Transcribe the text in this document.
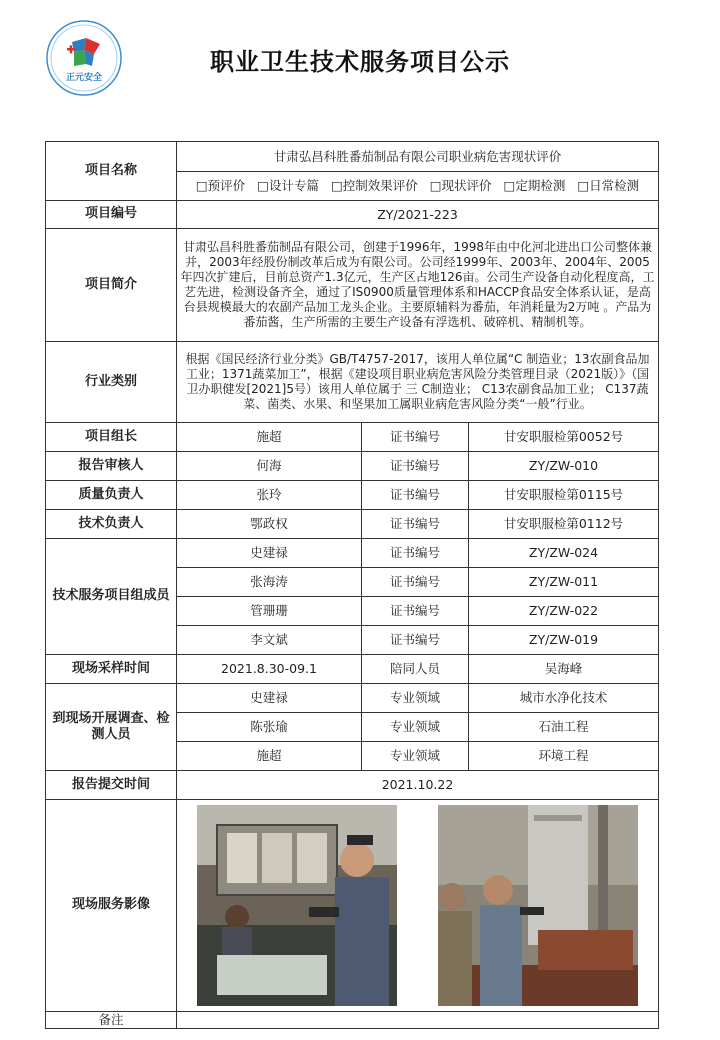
正元安全
职业卫生技术服务项目公示
项目名称	甘肃弘昌科胜番茄制品有限公司职业病危害现状评价		
	□预评价 □设计专篇 □控制效果评价 □现状评价 □定期检测 □日常检测		
项目编号	ZY/2021-223		
项目简介	甘肃弘昌科胜番茄制品有限公司，创建于1996年，1998年由中化河北进出口公司整体兼并，2003年经股份制改革后成为有限公司。公司经1999年、2003年、2004年、2005年四次扩建后，目前总资产1.3亿元，生产区占地126亩。公司生产设备自动化程度高，工艺先进，检测设备齐全，通过了IS0900质量管理体系和HACCP食品安全体系认证，是高台县规模最大的农副产品加工龙头企业。主要原辅料为番茄，年消耗量为2万吨 。产品为番茄酱，生产所需的主要生产设备有浮选机、破碎机、精制机等。		
行业类别	根据《国民经济行业分类》GB/T4757-2017，该用人单位属“C 制造业；13农副食品加工业；1371蔬菜加工”，根据《建设项目职业病危害风险分类管理目录（2021版）》（国卫办职健发[2021]5号）该用人单位属于 三 C制造业； C13农副食品加工业； C137蔬菜、菌类、水果、和坚果加工属职业病危害风险分类“一般”行业。		
项目组长	施超	证书编号	甘安职服检第0052号
报告审核人	何海	证书编号	ZY/ZW-010
质量负责人	张玲	证书编号	甘安职服检第0115号
技术负责人	鄂政权	证书编号	甘安职服检第0112号
技术服务项目组成员	史建禄	证书编号	ZY/ZW-024
	张海涛	证书编号	ZY/ZW-011
	管珊珊	证书编号	ZY/ZW-022
	李文斌	证书编号	ZY/ZW-019
现场采样时间	2021.8.30-09.1	陪同人员	吴海峰
到现场开展调查、检测人员	史建禄	专业领域	城市水净化技术
	陈张瑜	专业领域	石油工程
	施超	专业领域	环境工程
报告提交时间	2021.10.22		
现场服务影像	

备注			
